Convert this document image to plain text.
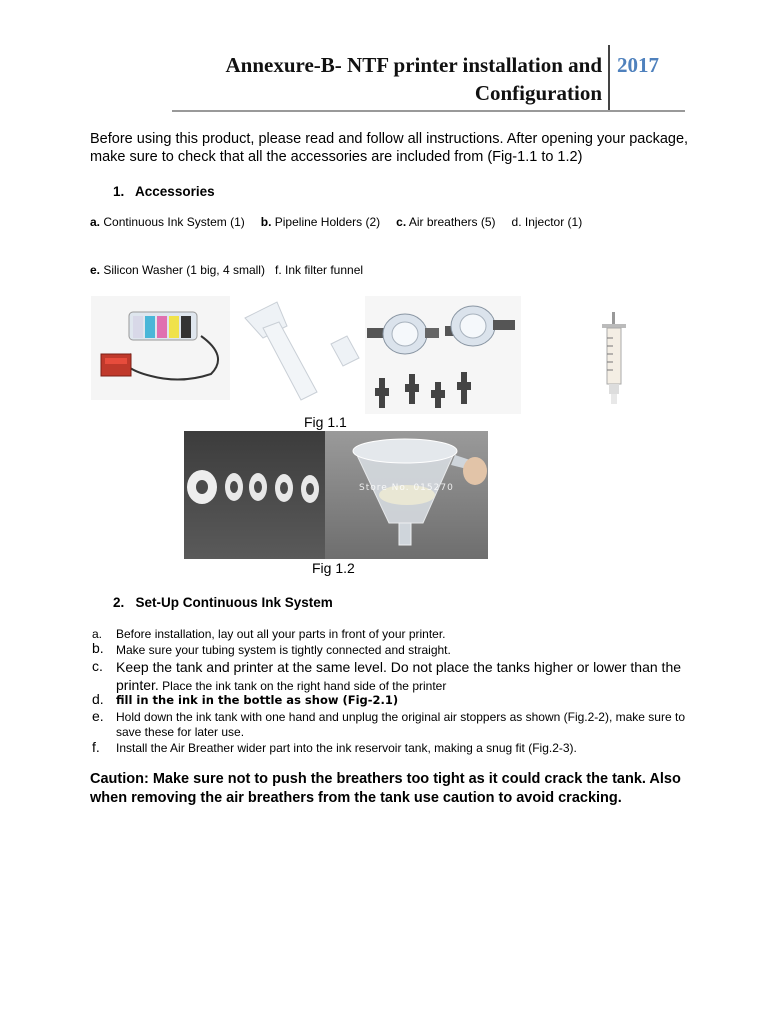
Annexure-B- NTF printer installation and
Configuration
2017
Before using this product, please read and follow all instructions. After opening your package, make sure to check that all the accessories are included from (Fig-1.1 to 1.2)
1. Accessories
a. Continuous Ink System (1) b. Pipeline Holders (2) c. Air breathers (5) d. Injector (1)
e. Silicon Washer (1 big, 4 small) f. Ink filter funnel
Fig 1.1
Store No. 015270
Fig 1.2
2. Set-Up Continuous Ink System
a.	Before installation, lay out all your parts in front of your printer.
b.	Make sure your tubing system is tightly connected and straight.
c. Keep the tank and printer at the same level. Do not place the tanks higher or lower than the printer. Place the ink tank on the right hand side of the printer
d.	fill in the ink in the bottle as show (Fig-2.1)
e.	Hold down the ink tank with one hand and unplug the original air stoppers as shown (Fig.2-2), make sure to save these for later use.
f.	Install the Air Breather wider part into the ink reservoir tank, making a snug fit (Fig.2-3).
Caution: Make sure not to push the breathers too tight as it could crack the tank. Also when removing the air breathers from the tank use caution to avoid cracking.
